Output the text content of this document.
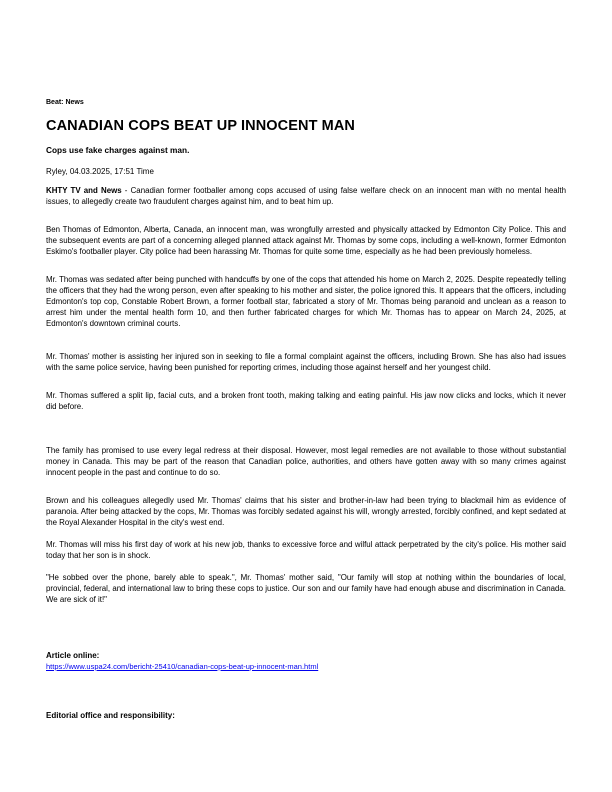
Beat: News
CANADIAN COPS BEAT UP INNOCENT MAN
Cops use fake charges against man.
Ryley, 04.03.2025, 17:51 Time
KHTY TV and News - Canadian former footballer among cops accused of using false welfare check on an innocent man with no mental health issues, to allegedly create two fraudulent charges against him, and to beat him up.
Ben Thomas of Edmonton, Alberta, Canada, an innocent man, was wrongfully arrested and physically attacked by Edmonton City Police. This and the subsequent events are part of a concerning alleged planned attack against Mr. Thomas by some cops, including a well-known, former Edmonton Eskimo's footballer player. City police had been harassing Mr. Thomas for quite some time, especially as he had been previously homeless.
Mr. Thomas was sedated after being punched with handcuffs by one of the cops that attended his home on March 2, 2025. Despite repeatedly telling the officers that they had the wrong person, even after speaking to his mother and sister, the police ignored this. It appears that the officers, including Edmonton's top cop, Constable Robert Brown, a former football star, fabricated a story of Mr. Thomas being paranoid and unclean as a reason to arrest him under the mental health form 10, and then further fabricated charges for which Mr. Thomas has to appear on March 24, 2025, at Edmonton's downtown criminal courts.
Mr. Thomas' mother is assisting her injured son in seeking to file a formal complaint against the officers, including Brown. She has also had issues with the same police service, having been punished for reporting crimes, including those against herself and her youngest child.
Mr. Thomas suffered a split lip, facial cuts, and a broken front tooth, making talking and eating painful. His jaw now clicks and locks, which it never did before.
The family has promised to use every legal redress at their disposal. However, most legal remedies are not available to those without substantial money in Canada. This may be part of the reason that Canadian police, authorities, and others have gotten away with so many crimes against innocent people in the past and continue to do so.
Brown and his colleagues allegedly used Mr. Thomas' claims that his sister and brother-in-law had been trying to blackmail him as evidence of paranoia. After being attacked by the cops, Mr. Thomas was forcibly sedated against his will, wrongly arrested, forcibly confined, and kept sedated at the Royal Alexander Hospital in the city's west end.
Mr. Thomas will miss his first day of work at his new job, thanks to excessive force and wilful attack perpetrated by the city's police. His mother said today that her son is in shock.
"He sobbed over the phone, barely able to speak.", Mr. Thomas' mother said, "Our family will stop at nothing within the boundaries of local, provincial, federal, and international law to bring these cops to justice. Our son and our family have had enough abuse and discrimination in Canada. We are sick of it!"
Article online:
https://www.uspa24.com/bericht-25410/canadian-cops-beat-up-innocent-man.html
Editorial office and responsibility:
